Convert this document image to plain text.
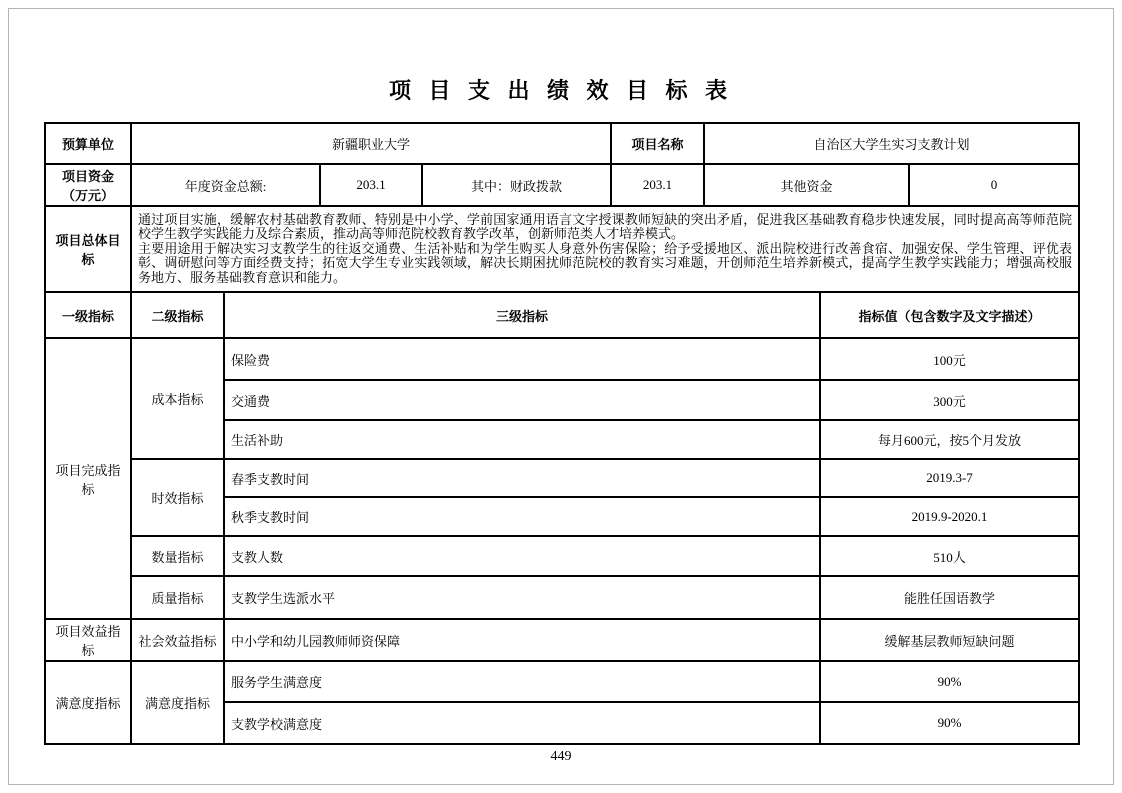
项 目 支 出 绩 效 目 标 表
预算单位	新疆职业大学				项目名称	自治区大学生实习支教计划		
项目资金（万元）	年度资金总额:		203.1	其中：财政拨款	203.1	其他资金		0
项目总体目标	通过项目实施，缓解农村基础教育教师、特别是中小学、学前国家通用语言文字授课教师短缺的突出矛盾，促进我区基础教育稳步快速发展，同时提高高等师范院校学生教学实践能力及综合素质，推动高等师范院校教育教学改革，创新师范类人才培养模式。
主要用途用于解决实习支教学生的往返交通费、生活补贴和为学生购买人身意外伤害保险；给予受援地区、派出院校进行改善食宿、加强安保、学生管理、评优表彰、调研慰问等方面经费支持；拓宽大学生专业实践领域，解决长期困扰师范院校的教育实习难题，开创师范生培养新模式，提高学生教学实践能力；增强高校服务地方、服务基础教育意识和能力。							

一级指标	二级指标	三级指标					指标值（包含数字及文字描述）	
项目完成指标	成本指标	保险费					100元	
		交通费					300元	
		生活补助					每月600元，按5个月发放	
	时效指标	春季支教时间					2019.3-7	
		秋季支教时间					2019.9-2020.1	
	数量指标	支教人数					510人	
	质量指标	支教学生选派水平					能胜任国语教学	
项目效益指标	社会效益指标	中小学和幼儿园教师师资保障					缓解基层教师短缺问题	
满意度指标	满意度指标	服务学生满意度					90%	
		支教学校满意度					90%	
449
